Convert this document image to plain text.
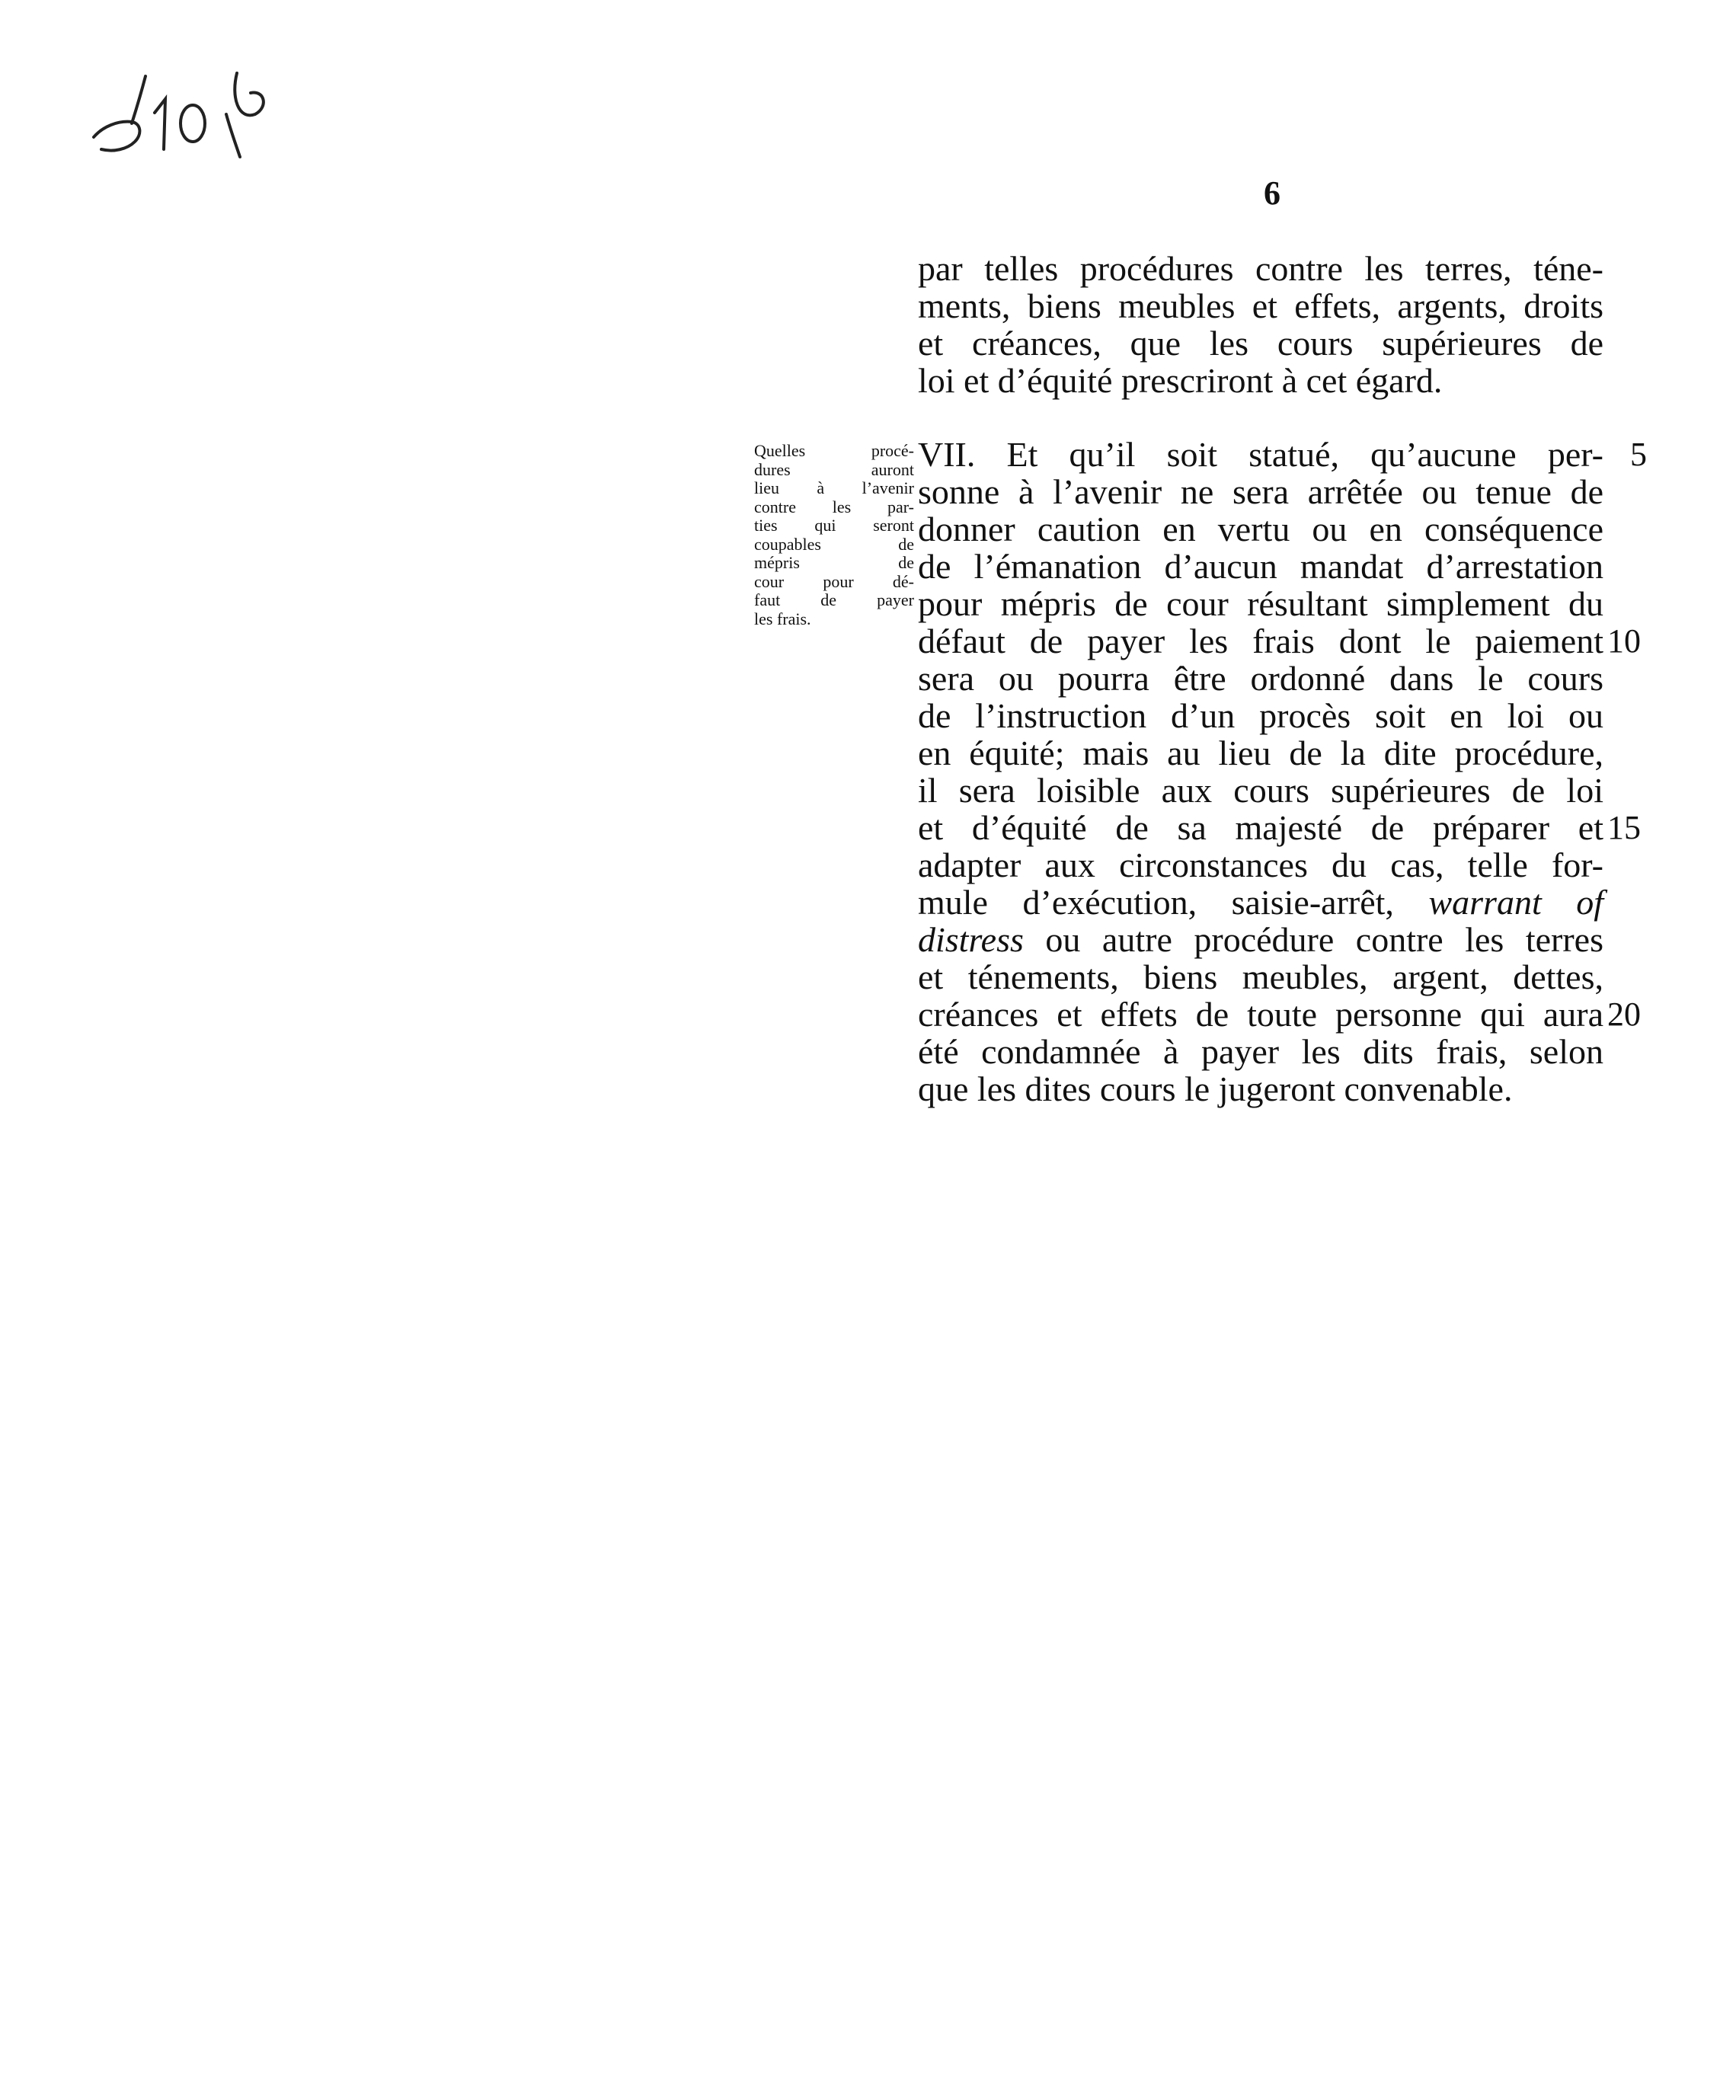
6
par telles procédures contre les terres, téne-
ments, biens meubles et effets, argents, droits
et créances, que les cours supérieures de
loi et d’équité prescriront à cet égard.
Quelles procé-
dures auront
lieu à l’avenir
contre les par-
ties qui seront
coupables de
mépris de
cour pour dé-
faut de payer
les frais.
VII. Et qu’il soit statué, qu’aucune per-
sonne à l’avenir ne sera arrêtée ou tenue de
donner caution en vertu ou en conséquence
de l’émanation d’aucun mandat d’arrestation
pour mépris de cour résultant simplement du
défaut de payer les frais dont le paiement
sera ou pourra être ordonné dans le cours
de l’instruction d’un procès soit en loi ou
en équité; mais au lieu de la dite procédure,
il sera loisible aux cours supérieures de loi
et d’équité de sa majesté de préparer et
adapter aux circonstances du cas, telle for-
mule d’exécution, saisie-arrêt, warrant of
distress ou autre procédure contre les terres
et ténements, biens meubles, argent, dettes,
créances et effets de toute personne qui aura
été condamnée à payer les dits frais, selon
que les dites cours le jugeront convenable.
5
10
15
20
